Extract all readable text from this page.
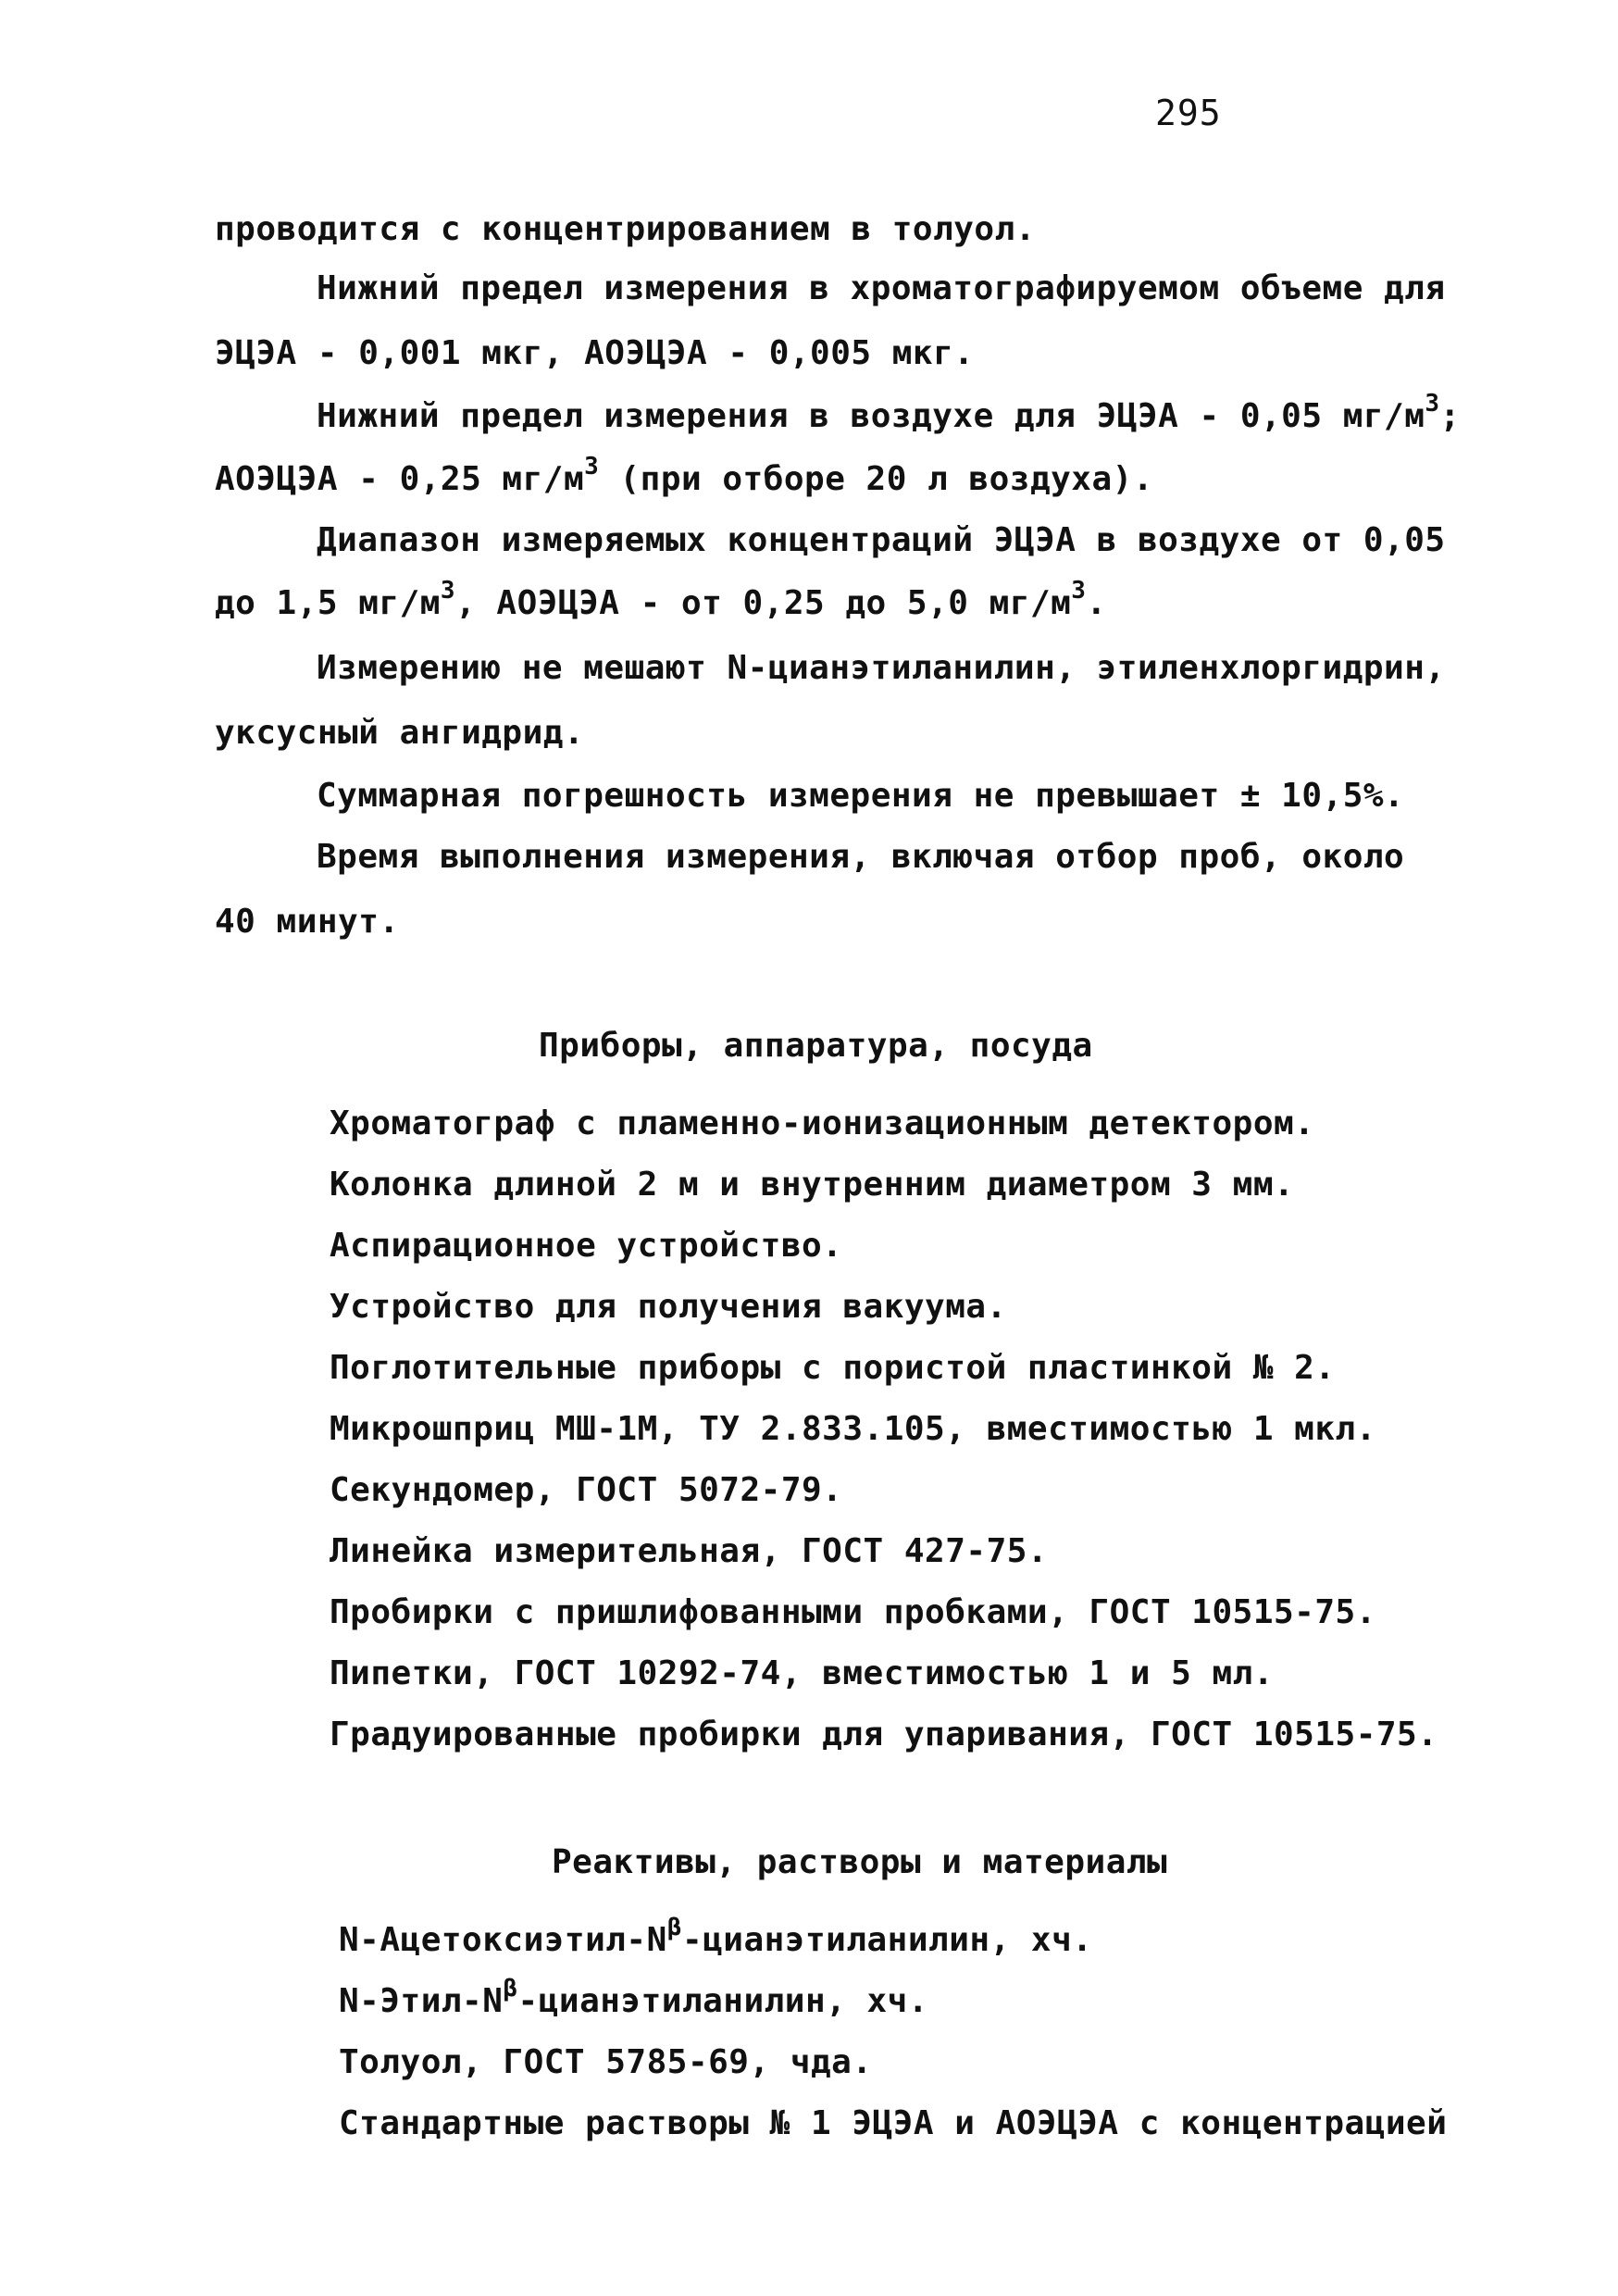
295
проводится с концентрированием в толуол.
Нижний предел измерения в хроматографируемом объеме для
ЭЦЭА - 0,001 мкг, АОЭЦЭА - 0,005 мкг.
Нижний предел измерения в воздухе для ЭЦЭА - 0,05 $мг/м^3$;
АОЭЦЭА - 0,25 $мг/м^3$ (при отборе 20 л воздуха).
Диапазон измеряемых концентраций ЭЦЭА в воздухе от 0,05
до 1,5 $мг/м^3$, АОЭЦЭА - от 0,25 до 5,0 $мг/м^3$.
Измерению не мешают N-цианэтиланилин, этиленхлоргидрин,
уксусный ангидрид.
Суммарная погрешность измерения не превышает ± 10,5%.
Время выполнения измерения, включая отбор проб, около
40 минут.
Приборы, аппаратура, посуда
Хроматограф с пламенно-ионизационным детектором.
Колонка длиной 2 м и внутренним диаметром 3 мм.
Аспирационное устройство.
Устройство для получения вакуума.
Поглотительные приборы с пористой пластинкой № 2.
Микрошприц МШ-1М, ТУ 2.833.105, вместимостью 1 мкл.
Секундомер, ГОСТ 5072-79.
Линейка измерительная, ГОСТ 427-75.
Пробирки с пришлифованными пробками, ГОСТ 10515-75.
Пипетки, ГОСТ 10292-74, вместимостью 1 и 5 мл.
Градуированные пробирки для упаривания, ГОСТ 10515-75.
Реактивы, растворы и материалы
$N-Ацетоксиэтил-N^\beta$-цианэтиланилин, хч.
$N-Этил-N^\beta$-цианэтиланилин, хч.
Толуол, ГОСТ 5785-69, чда.
Стандартные растворы № 1 ЭЦЭА и АОЭЦЭА с концентрацией
